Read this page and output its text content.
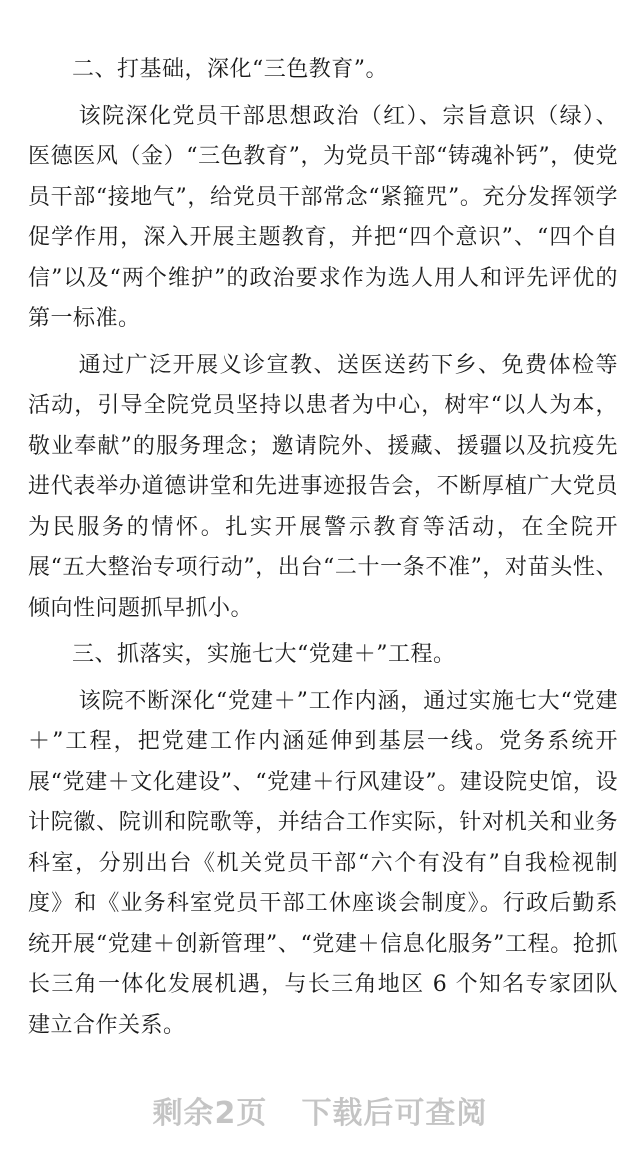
二、打基础，深化“三色教育”。

该院深化党员干部思想政治（红）、宗旨意识（绿）、医德医风（金）“三色教育”，为党员干部“铸魂补钙”，使党员干部“接地气”，给党员干部常念“紧箍咒”。充分发挥领学促学作用，深入开展主题教育，并把“四个意识”、“四个自信”以及“两个维护”的政治要求作为选人用人和评先评优的第一标准。

通过广泛开展义诊宣教、送医送药下乡、免费体检等活动，引导全院党员坚持以患者为中心，树牢“以人为本，敬业奉献”的服务理念；邀请院外、援藏、援疆以及抗疫先进代表举办道德讲堂和先进事迹报告会，不断厚植广大党员为民服务的情怀。扎实开展警示教育等活动，在全院开展“五大整治专项行动”，出台“二十一条不准”，对苗头性、倾向性问题抓早抓小。

三、抓落实，实施七大“党建＋”工程。

该院不断深化“党建＋”工作内涵，通过实施七大“党建＋”工程，把党建工作内涵延伸到基层一线。党务系统开展“党建＋文化建设”、“党建＋行风建设”。建设院史馆，设计院徽、院训和院歌等，并结合工作实际，针对机关和业务科室，分别出台《机关党员干部“六个有没有”自我检视制度》和《业务科室党员干部工休座谈会制度》。行政后勤系统开展“党建＋创新管理”、“党建＋信息化服务”工程。抢抓长三角一体化发展机遇，与长三角地区 6 个知名专家团队建立合作关系。

剩余2页 下载后可查阅
